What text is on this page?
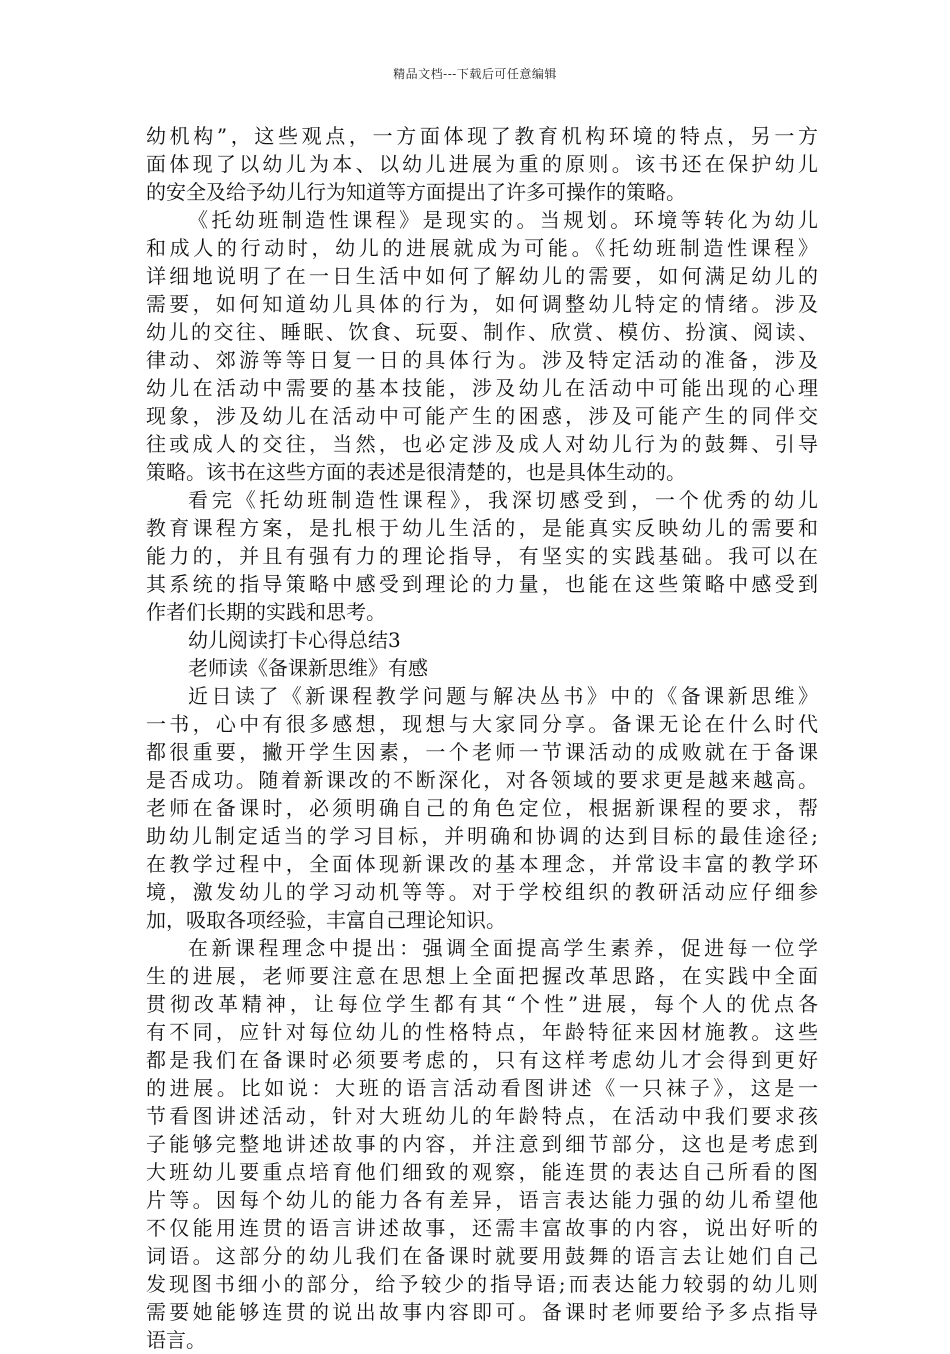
精品文档---下载后可任意编辑
幼机构”，这些观点，一方面体现了教育机构环境的特点，另一方
面体现了以幼儿为本、以幼儿进展为重的原则。该书还在保护幼儿
的安全及给予幼儿行为知道等方面提出了许多可操作的策略。
《托幼班制造性课程》是现实的。当规划。环境等转化为幼儿
和成人的行动时，幼儿的进展就成为可能。《托幼班制造性课程》
详细地说明了在一日生活中如何了解幼儿的需要，如何满足幼儿的
需要，如何知道幼儿具体的行为，如何调整幼儿特定的情绪。涉及
幼儿的交往、睡眠、饮食、玩耍、制作、欣赏、模仿、扮演、阅读、
律动、郊游等等日复一日的具体行为。涉及特定活动的准备，涉及
幼儿在活动中需要的基本技能，涉及幼儿在活动中可能出现的心理
现象，涉及幼儿在活动中可能产生的困惑，涉及可能产生的同伴交
往或成人的交往，当然，也必定涉及成人对幼儿行为的鼓舞、引导
策略。该书在这些方面的表述是很清楚的，也是具体生动的。
看完《托幼班制造性课程》，我深切感受到，一个优秀的幼儿
教育课程方案，是扎根于幼儿生活的，是能真实反映幼儿的需要和
能力的，并且有强有力的理论指导，有坚实的实践基础。我可以在
其系统的指导策略中感受到理论的力量，也能在这些策略中感受到
作者们长期的实践和思考。
幼儿阅读打卡心得总结3
老师读《备课新思维》有感
近日读了《新课程教学问题与解决丛书》中的《备课新思维》
一书，心中有很多感想，现想与大家同分享。备课无论在什么时代
都很重要，撇开学生因素，一个老师一节课活动的成败就在于备课
是否成功。随着新课改的不断深化，对各领域的要求更是越来越高。
老师在备课时，必须明确自己的角色定位，根据新课程的要求，帮
助幼儿制定适当的学习目标，并明确和协调的达到目标的最佳途径;
在教学过程中，全面体现新课改的基本理念，并常设丰富的教学环
境，激发幼儿的学习动机等等。对于学校组织的教研活动应仔细参
加，吸取各项经验，丰富自己理论知识。
在新课程理念中提出：强调全面提高学生素养，促进每一位学
生的进展，老师要注意在思想上全面把握改革思路，在实践中全面
贯彻改革精神，让每位学生都有其“个性”进展，每个人的优点各
有不同，应针对每位幼儿的性格特点，年龄特征来因材施教。这些
都是我们在备课时必须要考虑的，只有这样考虑幼儿才会得到更好
的进展。比如说：大班的语言活动看图讲述《一只袜子》，这是一
节看图讲述活动，针对大班幼儿的年龄特点，在活动中我们要求孩
子能够完整地讲述故事的内容，并注意到细节部分，这也是考虑到
大班幼儿要重点培育他们细致的观察，能连贯的表达自己所看的图
片等。因每个幼儿的能力各有差异，语言表达能力强的幼儿希望他
不仅能用连贯的语言讲述故事，还需丰富故事的内容，说出好听的
词语。这部分的幼儿我们在备课时就要用鼓舞的语言去让她们自己
发现图书细小的部分，给予较少的指导语;而表达能力较弱的幼儿则
需要她能够连贯的说出故事内容即可。备课时老师要给予多点指导
语言。
